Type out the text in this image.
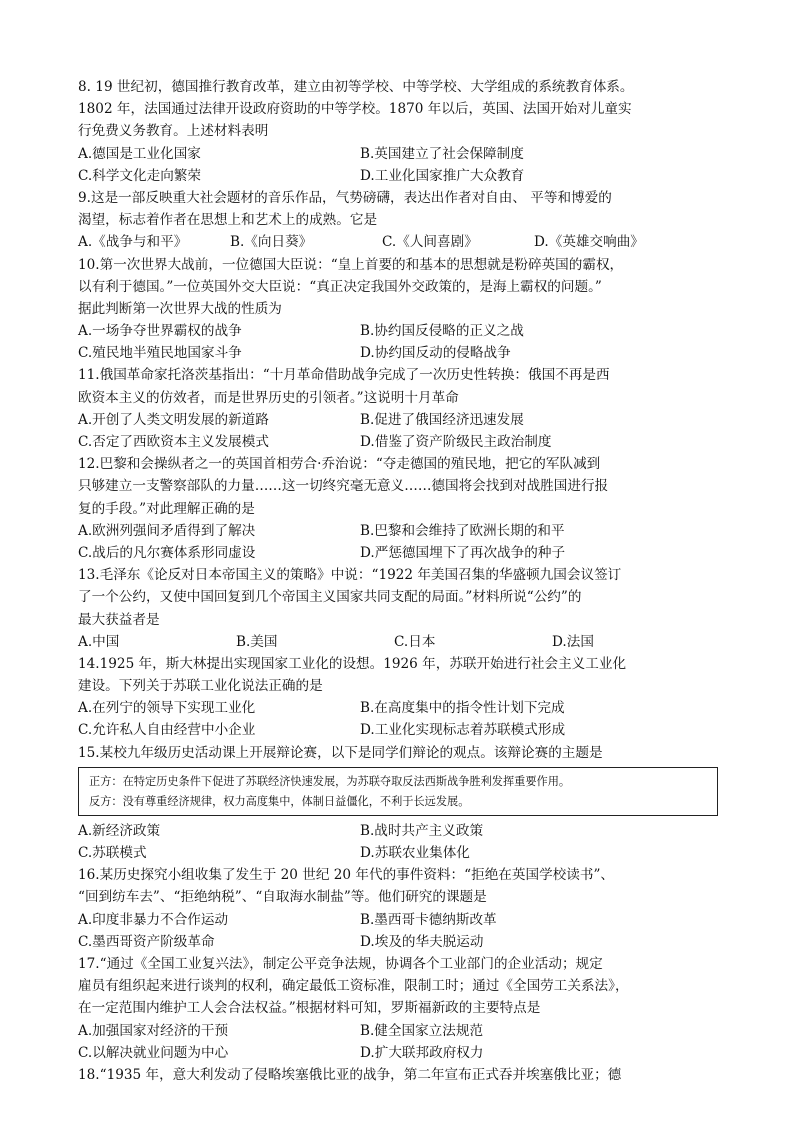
8. 19 世纪初，德国推行教育改革，建立由初等学校、中等学校、大学组成的系统教育体系。
1802 年，法国通过法律开设政府资助的中等学校。1870 年以后，英国、法国开始对儿童实
行免费义务教育。上述材料表明
A.德国是工业化国家	B.英国建立了社会保障制度
C.科学文化走向繁荣	D.工业化国家推广大众教育
9.这是一部反映重大社会题材的音乐作品，气势磅礴，表达出作者对自由、 平等和博爱的
渴望，标志着作者在思想上和艺术上的成熟。它是
A.《战争与和平》	B.《向日葵》	C.《人间喜剧》	D.《英雄交响曲》
10.第一次世界大战前，一位德国大臣说：“皇上首要的和基本的思想就是粉碎英国的霸权，
以有利于德国。”一位英国外交大臣说：“真正决定我国外交政策的，是海上霸权的问题。”
据此判断第一次世界大战的性质为
A.一场争夺世界霸权的战争	B.协约国反侵略的正义之战
C.殖民地半殖民地国家斗争	D.协约国反动的侵略战争
11.俄国革命家托洛茨基指出：“十月革命借助战争完成了一次历史性转换：俄国不再是西
欧资本主义的仿效者，而是世界历史的引领者。”这说明十月革命
A.开创了人类文明发展的新道路	B.促进了俄国经济迅速发展
C.否定了西欧资本主义发展模式	D.借鉴了资产阶级民主政治制度
12.巴黎和会操纵者之一的英国首相劳合·乔治说：“夺走德国的殖民地，把它的军队减到
只够建立一支警察部队的力量……这一切终究毫无意义……德国将会找到对战胜国进行报
复的手段。”对此理解正确的是
A.欧洲列强间矛盾得到了解决	B.巴黎和会维持了欧洲长期的和平
C.战后的凡尔赛体系形同虚设	D.严惩德国埋下了再次战争的种子
13.毛泽东《论反对日本帝国主义的策略》中说：“1922 年美国召集的华盛顿九国会议签订
了一个公约，又使中国回复到几个帝国主义国家共同支配的局面。”材料所说“公约”的
最大获益者是
A.中国	B.美国	C.日本	D.法国
14.1925 年，斯大林提出实现国家工业化的设想。1926 年，苏联开始进行社会主义工业化
建设。下列关于苏联工业化说法正确的是
A.在列宁的领导下实现工业化	B.在高度集中的指令性计划下完成
C.允许私人自由经营中小企业	D.工业化实现标志着苏联模式形成
15.某校九年级历史活动课上开展辩论赛，以下是同学们辩论的观点。该辩论赛的主题是
正方：在特定历史条件下促进了苏联经济快速发展，为苏联夺取反法西斯战争胜利发挥重要作用。
反方：没有尊重经济规律，权力高度集中，体制日益僵化，不利于长远发展。
A.新经济政策	B.战时共产主义政策
C.苏联模式	D.苏联农业集体化
16.某历史探究小组收集了发生于 20 世纪 20 年代的事件资料：“拒绝在英国学校读书”、
“回到纺车去”、“拒绝纳税”、“自取海水制盐”等。他们研究的课题是
A.印度非暴力不合作运动	B.墨西哥卡德纳斯改革
C.墨西哥资产阶级革命	D.埃及的华夫脱运动
17.“通过《全国工业复兴法》，制定公平竞争法规，协调各个工业部门的企业活动；规定
雇员有组织起来进行谈判的权利，确定最低工资标准，限制工时；通过《全国劳工关系法》，
在一定范围内维护工人会合法权益。”根据材料可知，罗斯福新政的主要特点是
A.加强国家对经济的干预	B.健全国家立法规范
C.以解决就业问题为中心	D.扩大联邦政府权力
18.“1935 年，意大利发动了侵略埃塞俄比亚的战争，第二年宣布正式吞并埃塞俄比亚；德
